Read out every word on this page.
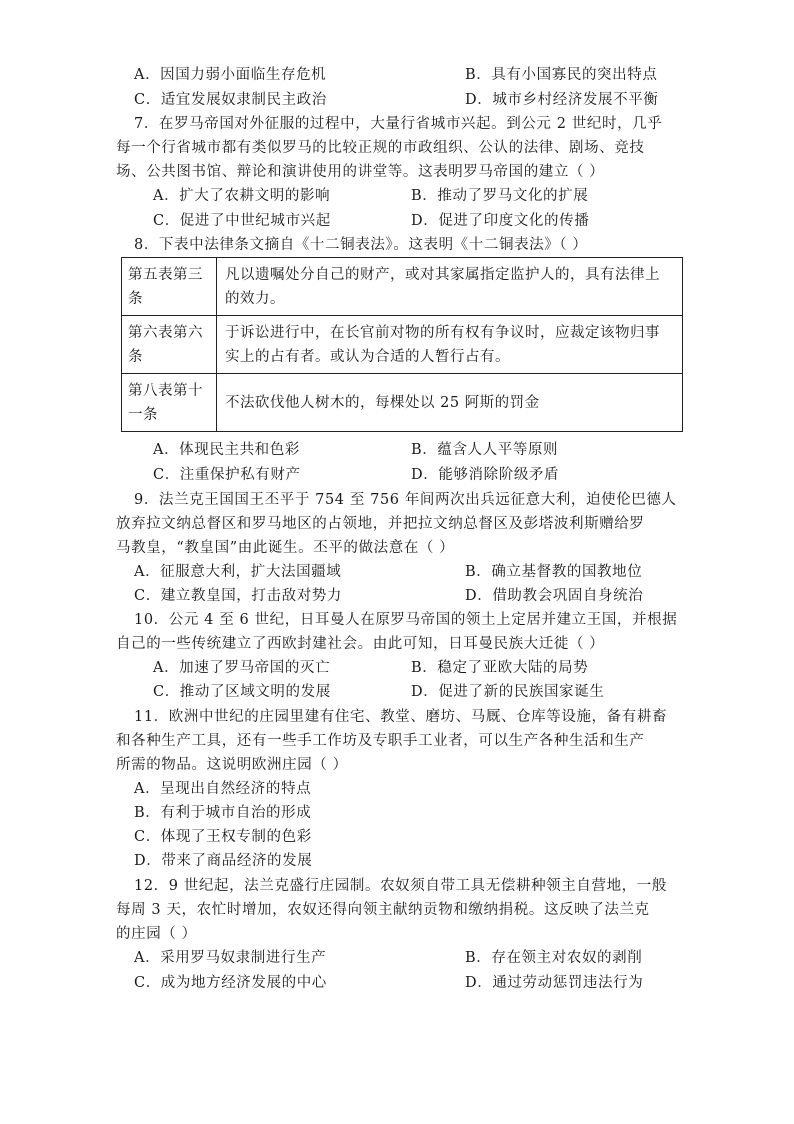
A．因国力弱小面临生存危机	B．具有小国寡民的突出特点
C．适宜发展奴隶制民主政治	D．城市乡村经济发展不平衡
7．在罗马帝国对外征服的过程中，大量行省城市兴起。到公元 2 世纪时，几乎
每一个行省城市都有类似罗马的比较正规的市政组织、公认的法律、剧场、竞技
场、公共图书馆、辩论和演讲使用的讲堂等。这表明罗马帝国的建立（ ）
A．扩大了农耕文明的影响	B．推动了罗马文化的扩展
C．促进了中世纪城市兴起	D．促进了印度文化的传播
8．下表中法律条文摘自《十二铜表法》。这表明《十二铜表法》（ ）
第五表第三条	凡以遗嘱处分自己的财产，或对其家属指定监护人的，具有法律上的效力。
第六表第六条	于诉讼进行中，在长官前对物的所有权有争议时，应裁定该物归事实上的占有者。或认为合适的人暂行占有。
第八表第十一条	不法砍伐他人树木的，每棵处以 25 阿斯的罚金
A．体现民主共和色彩	B．蕴含人人平等原则
C．注重保护私有财产	D．能够消除阶级矛盾
9．法兰克王国国王丕平于 754 至 756 年间两次出兵远征意大利，迫使伦巴德人
放弃拉文纳总督区和罗马地区的占领地，并把拉文纳总督区及彭塔波利斯赠给罗
马教皇，“教皇国”由此诞生。丕平的做法意在（ ）
A．征服意大利，扩大法国疆域	B．确立基督教的国教地位
C．建立教皇国，打击敌对势力	D．借助教会巩固自身统治
10．公元 4 至 6 世纪，日耳曼人在原罗马帝国的领土上定居并建立王国，并根据
自己的一些传统建立了西欧封建社会。由此可知，日耳曼民族大迁徙（ ）
A．加速了罗马帝国的灭亡	B．稳定了亚欧大陆的局势
C．推动了区域文明的发展	D．促进了新的民族国家诞生
11．欧洲中世纪的庄园里建有住宅、教堂、磨坊、马厩、仓库等设施，备有耕畜
和各种生产工具，还有一些手工作坊及专职手工业者，可以生产各种生活和生产
所需的物品。这说明欧洲庄园（ ）
A．呈现出自然经济的特点
B．有利于城市自治的形成
C．体现了王权专制的色彩
D．带来了商品经济的发展
12．9 世纪起，法兰克盛行庄园制。农奴须自带工具无偿耕种领主自营地，一般
每周 3 天，农忙时增加，农奴还得向领主献纳贡物和缴纳捐税。这反映了法兰克
的庄园（ ）
A．采用罗马奴隶制进行生产	B．存在领主对农奴的剥削
C．成为地方经济发展的中心	D．通过劳动惩罚违法行为
